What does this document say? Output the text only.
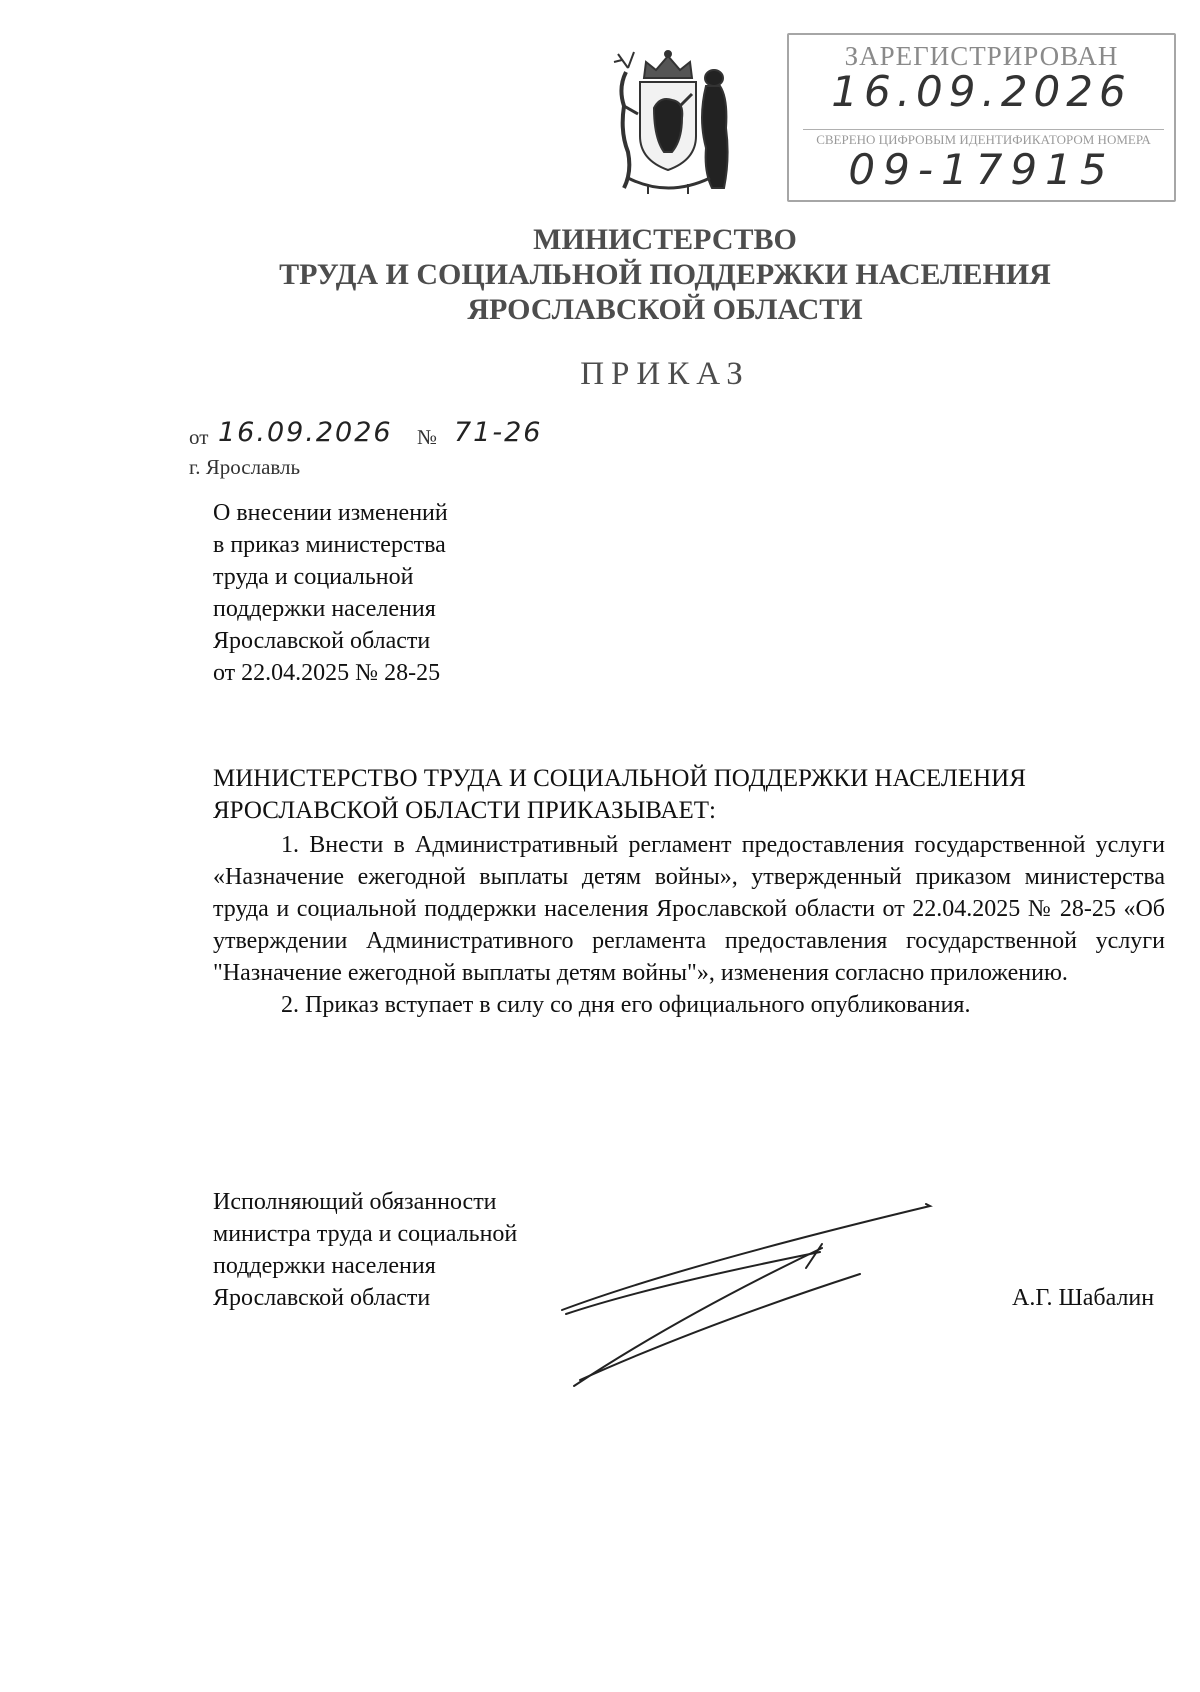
ЗАРЕГИСТРИРОВАН
16.09.2026
СВЕРЕНО ЦИФРОВЫМ ИДЕНТИФИКАТОРОМ НОМЕРА
09-17915
МИНИСТЕРСТВО
ТРУДА И СОЦИАЛЬНОЙ ПОДДЕРЖКИ НАСЕЛЕНИЯ
ЯРОСЛАВСКОЙ ОБЛАСТИ
ПРИКАЗ
от 16.09.2026 № 71-26
г. Ярославль
О внесении изменений
в приказ министерства
труда и социальной
поддержки населения
Ярославской области
от 22.04.2025 № 28-25
МИНИСТЕРСТВО ТРУДА И СОЦИАЛЬНОЙ ПОДДЕРЖКИ НАСЕЛЕНИЯ ЯРОСЛАВСКОЙ ОБЛАСТИ ПРИКАЗЫВАЕТ:
1. Внести в Административный регламент предоставления государственной услуги «Назначение ежегодной выплаты детям войны», утвержденный приказом министерства труда и социальной поддержки населения Ярославской области от 22.04.2025 № 28-25 «Об утверждении Административного регламента предоставления государственной услуги "Назначение ежегодной выплаты детям войны"», изменения согласно приложению.
2. Приказ вступает в силу со дня его официального опубликования.
Исполняющий обязанности
министра труда и социальной
поддержки населения
Ярославской области	А.Г. Шабалин
